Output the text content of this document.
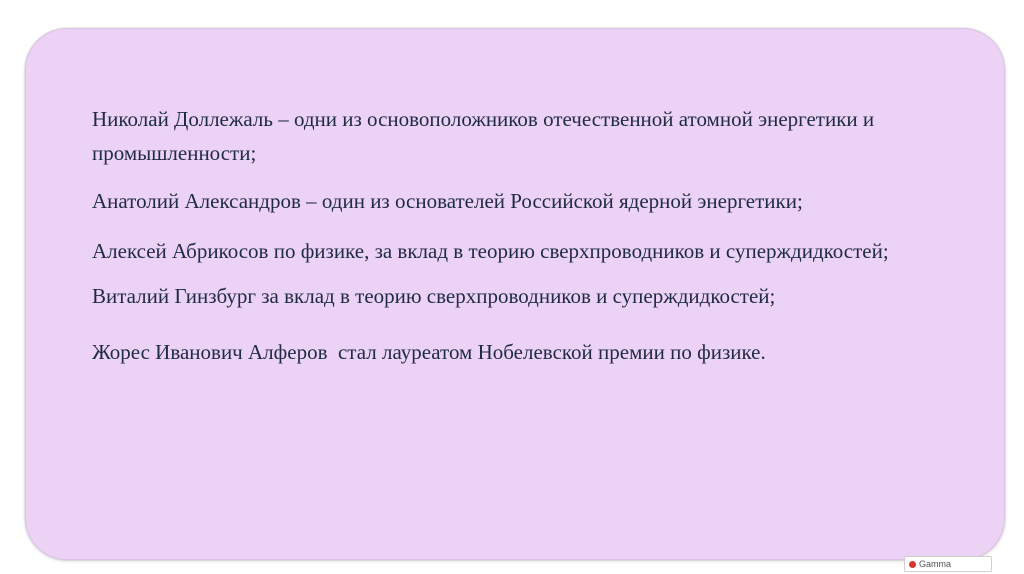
Николай Доллежаль – одни из основоположников отечественной атомной энергетики и промышленности;

Анатолий Александров – один из основателей Российской ядерной энергетики;

Алексей Абрикосов по физике, за вклад в теорию сверхпроводников и суперждидкостей;

Виталий Гинзбург за вклад в теорию сверхпроводников и суперждидкостей;

Жорес Иванович Алферов  стал лауреатом Нобелевской премии по физике.

Gamma
